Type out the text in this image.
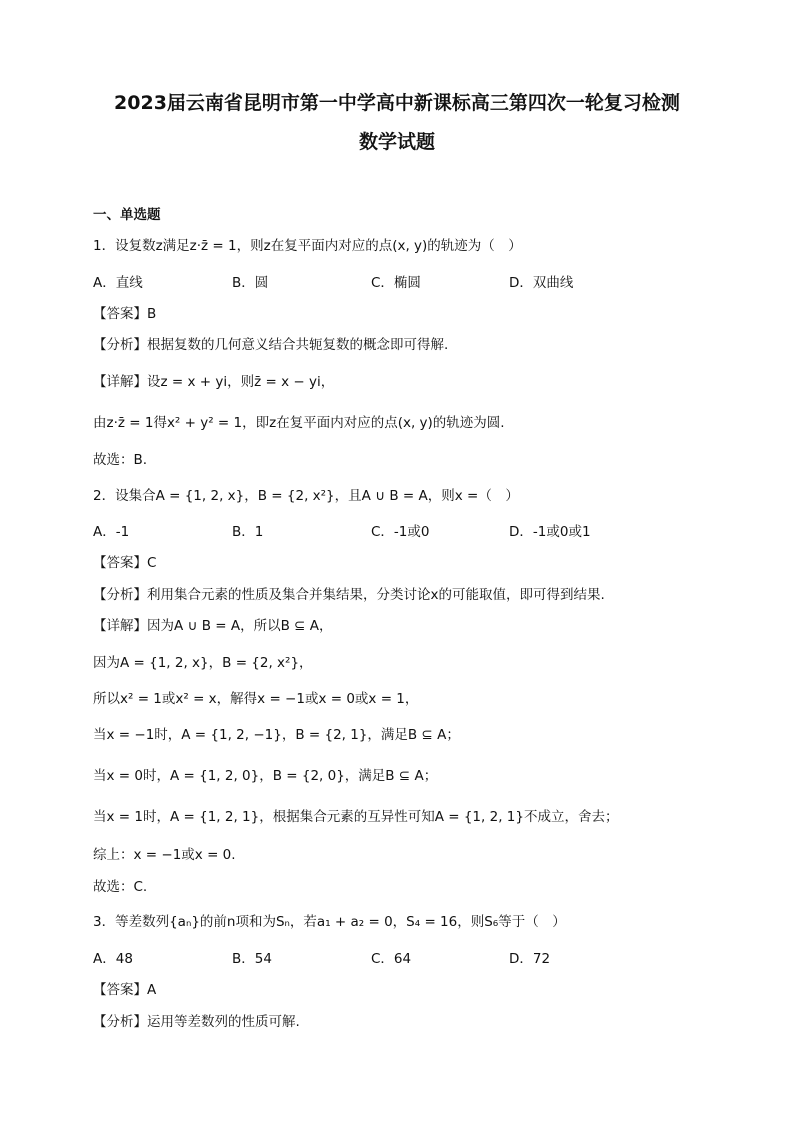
2023届云南省昆明市第一中学高中新课标高三第四次一轮复习检测
数学试题
一、单选题
1．设复数z满足z·z̄ = 1，则z在复平面内对应的点(x, y)的轨迹为（　）
A．直线	B．圆	C．椭圆	D．双曲线
【答案】B
【分析】根据复数的几何意义结合共轭复数的概念即可得解.
【详解】设z = x + yi，则z̄ = x − yi，
由z·z̄ = 1得x² + y² = 1，即z在复平面内对应的点(x, y)的轨迹为圆.
故选：B.
2．设集合A = {1, 2, x}，B = {2, x²}，且A ∪ B = A，则x =（　）
A．-1	B．1	C．-1或0	D．-1或0或1
【答案】C
【分析】利用集合元素的性质及集合并集结果，分类讨论x的可能取值，即可得到结果.
【详解】因为A ∪ B = A，所以B ⊆ A，
因为A = {1, 2, x}，B = {2, x²}，
所以x² = 1或x² = x，解得x = −1或x = 0或x = 1，
当x = −1时，A = {1, 2, −1}，B = {2, 1}，满足B ⊆ A；
当x = 0时，A = {1, 2, 0}，B = {2, 0}，满足B ⊆ A；
当x = 1时，A = {1, 2, 1}，根据集合元素的互异性可知A = {1, 2, 1}不成立，舍去；
综上：x = −1或x = 0.
故选：C.
3．等差数列{aₙ}的前n项和为Sₙ，若a₁ + a₂ = 0，S₄ = 16，则S₆等于（　）
A．48	B．54	C．64	D．72
【答案】A
【分析】运用等差数列的性质可解.
